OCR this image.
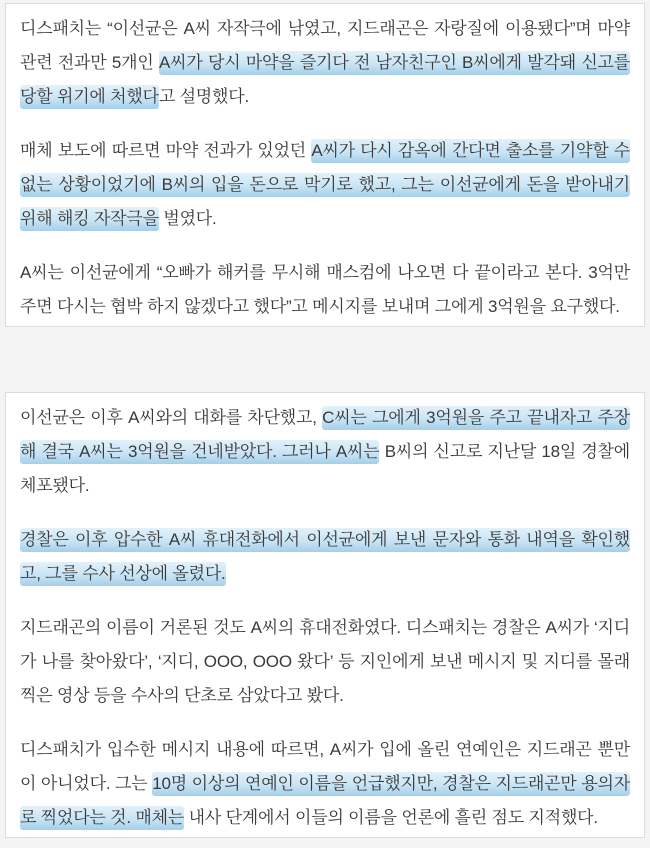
디스패치는 “이선균은 A씨 자작극에 낚였고, 지드래곤은 자랑질에 이용됐다”며 마약 관련 전과만 5개인 A씨가 당시 마약을 즐기다 전 남자친구인 B씨에게 발각돼 신고를 당할 위기에 처했다고 설명했다.

매체 보도에 따르면 마약 전과가 있었던 A씨가 다시 감옥에 간다면 출소를 기약할 수 없는 상황이었기에 B씨의 입을 돈으로 막기로 했고, 그는 이선균에게 돈을 받아내기 위해 해킹 자작극을 벌였다.

A씨는 이선균에게 “오빠가 해커를 무시해 매스컴에 나오면 다 끝이라고 본다. 3억만 주면 다시는 협박 하지 않겠다고 했다”고 메시지를 보내며 그에게 3억원을 요구했다.

이선균은 이후 A씨와의 대화를 차단했고, C씨는 그에게 3억원을 주고 끝내자고 주장해 결국 A씨는 3억원을 건네받았다. 그러나 A씨는 B씨의 신고로 지난달 18일 경찰에 체포됐다.

경찰은 이후 압수한 A씨 휴대전화에서 이선균에게 보낸 문자와 통화 내역을 확인했고, 그를 수사 선상에 올렸다.

지드래곤의 이름이 거론된 것도 A씨의 휴대전화였다. 디스패치는 경찰은 A씨가 ‘지디가 나를 찾아왔다’, ‘지디, OOO, OOO 왔다’ 등 지인에게 보낸 메시지 및 지디를 몰래 찍은 영상 등을 수사의 단초로 삼았다고 봤다.

디스패치가 입수한 메시지 내용에 따르면, A씨가 입에 올린 연예인은 지드래곤 뿐만이 아니었다. 그는 10명 이상의 연예인 이름을 언급했지만, 경찰은 지드래곤만 용의자로 찍었다는 것. 매체는 내사 단계에서 이들의 이름을 언론에 흘린 점도 지적했다.
